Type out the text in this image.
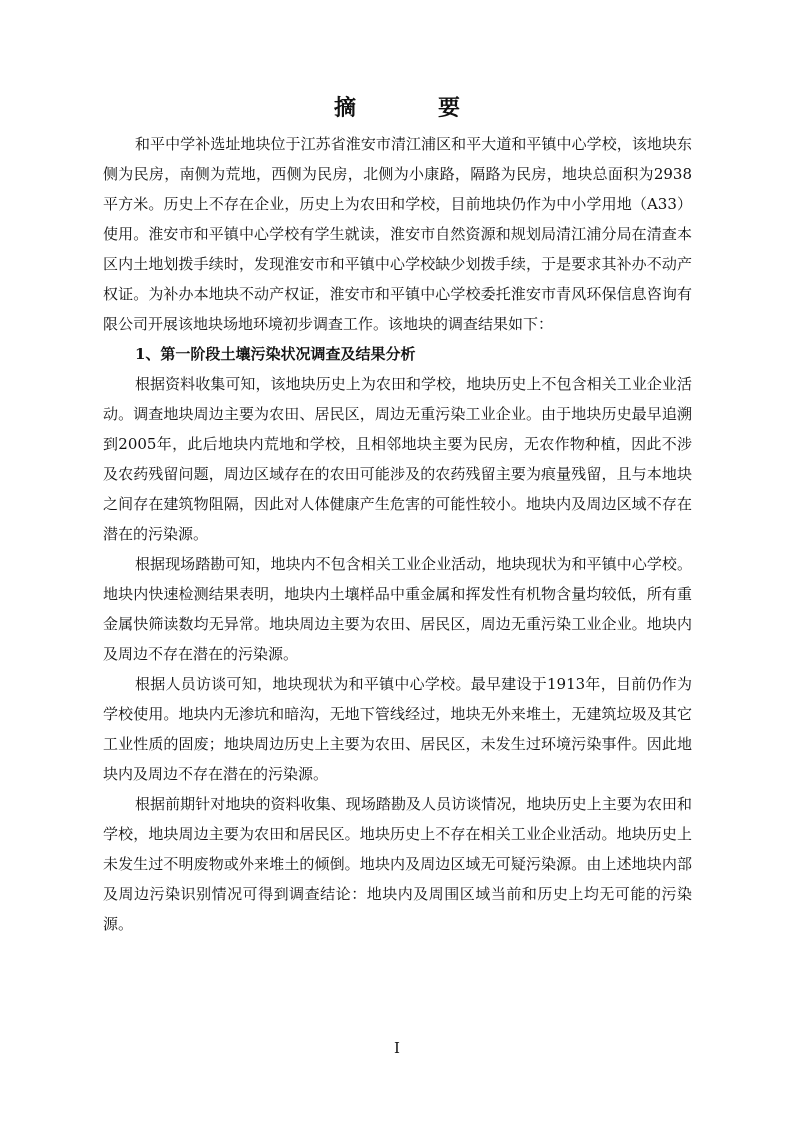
摘　要

和平中学补选址地块位于江苏省淮安市清江浦区和平大道和平镇中心学校，该地块东侧为民房，南侧为荒地，西侧为民房，北侧为小康路，隔路为民房，地块总面积为2938平方米。历史上不存在企业，历史上为农田和学校，目前地块仍作为中小学用地（A33）使用。淮安市和平镇中心学校有学生就读，淮安市自然资源和规划局清江浦分局在清查本区内土地划拨手续时，发现淮安市和平镇中心学校缺少划拨手续，于是要求其补办不动产权证。为补办本地块不动产权证，淮安市和平镇中心学校委托淮安市青风环保信息咨询有限公司开展该地块场地环境初步调查工作。该地块的调查结果如下：

1、第一阶段土壤污染状况调查及结果分析

根据资料收集可知，该地块历史上为农田和学校，地块历史上不包含相关工业企业活动。调查地块周边主要为农田、居民区，周边无重污染工业企业。由于地块历史最早追溯到2005年，此后地块内荒地和学校，且相邻地块主要为民房，无农作物种植，因此不涉及农药残留问题，周边区域存在的农田可能涉及的农药残留主要为痕量残留，且与本地块之间存在建筑物阻隔，因此对人体健康产生危害的可能性较小。地块内及周边区域不存在潜在的污染源。

根据现场踏勘可知，地块内不包含相关工业企业活动，地块现状为和平镇中心学校。地块内快速检测结果表明，地块内土壤样品中重金属和挥发性有机物含量均较低，所有重金属快筛读数均无异常。地块周边主要为农田、居民区，周边无重污染工业企业。地块内及周边不存在潜在的污染源。

根据人员访谈可知，地块现状为和平镇中心学校。最早建设于1913年，目前仍作为学校使用。地块内无渗坑和暗沟，无地下管线经过，地块无外来堆土，无建筑垃圾及其它工业性质的固废；地块周边历史上主要为农田、居民区，未发生过环境污染事件。因此地块内及周边不存在潜在的污染源。

根据前期针对地块的资料收集、现场踏勘及人员访谈情况，地块历史上主要为农田和学校，地块周边主要为农田和居民区。地块历史上不存在相关工业企业活动。地块历史上未发生过不明废物或外来堆土的倾倒。地块内及周边区域无可疑污染源。由上述地块内部及周边污染识别情况可得到调查结论：地块内及周围区域当前和历史上均无可能的污染源。

I
